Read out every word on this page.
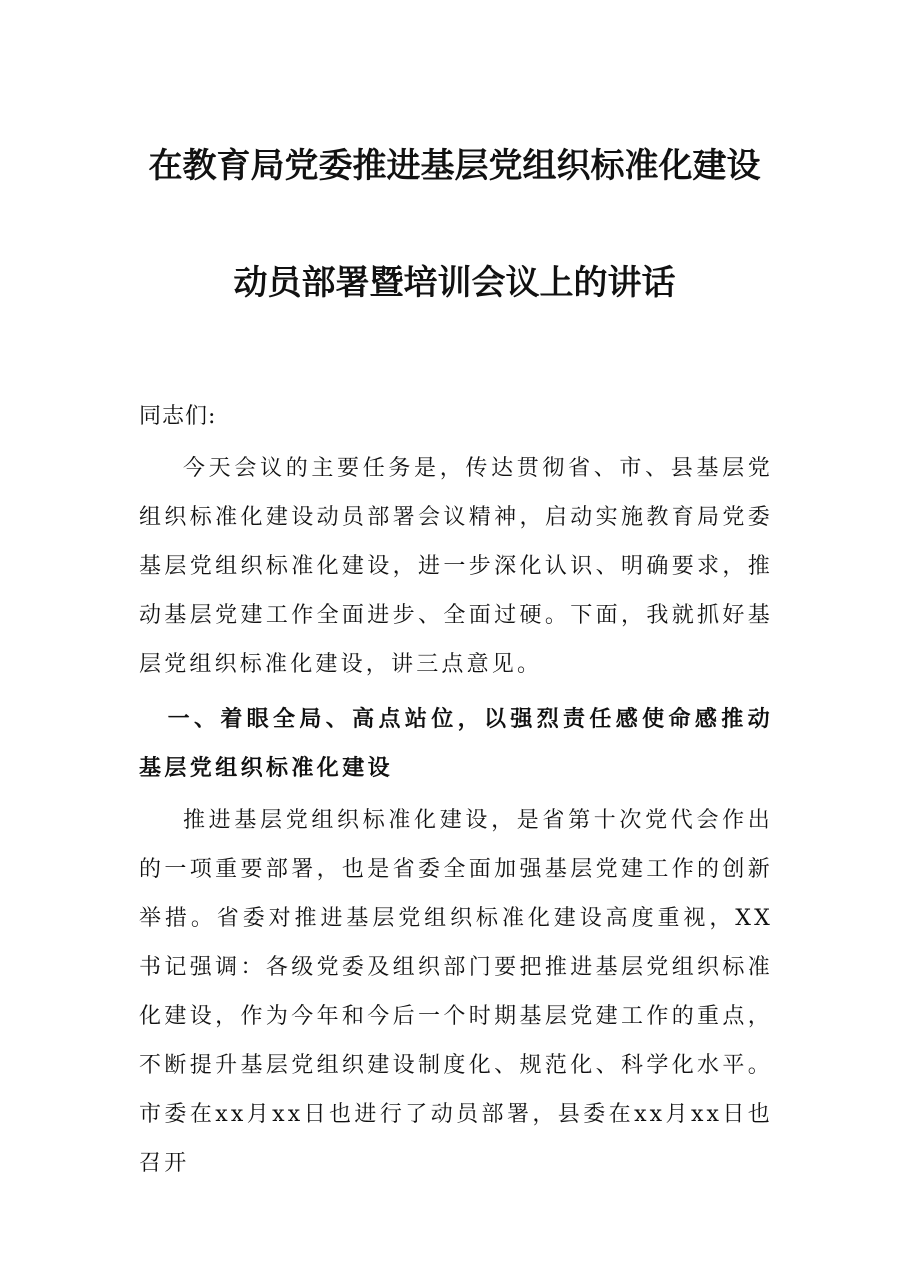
在教育局党委推进基层党组织标准化建设
动员部署暨培训会议上的讲话

同志们:

今天会议的主要任务是，传达贯彻省、市、县基层党组织标准化建设动员部署会议精神，启动实施教育局党委基层党组织标准化建设，进一步深化认识、明确要求，推动基层党建工作全面进步、全面过硬。下面，我就抓好基层党组织标准化建设，讲三点意见。

一、着眼全局、高点站位，以强烈责任感使命感推动基层党组织标准化建设

推进基层党组织标准化建设，是省第十次党代会作出的一项重要部署，也是省委全面加强基层党建工作的创新举措。省委对推进基层党组织标准化建设高度重视，XX书记强调：各级党委及组织部门要把推进基层党组织标准化建设，作为今年和今后一个时期基层党建工作的重点，不断提升基层党组织建设制度化、规范化、科学化水平。市委在xx月xx日也进行了动员部署，县委在xx月xx日也召开
